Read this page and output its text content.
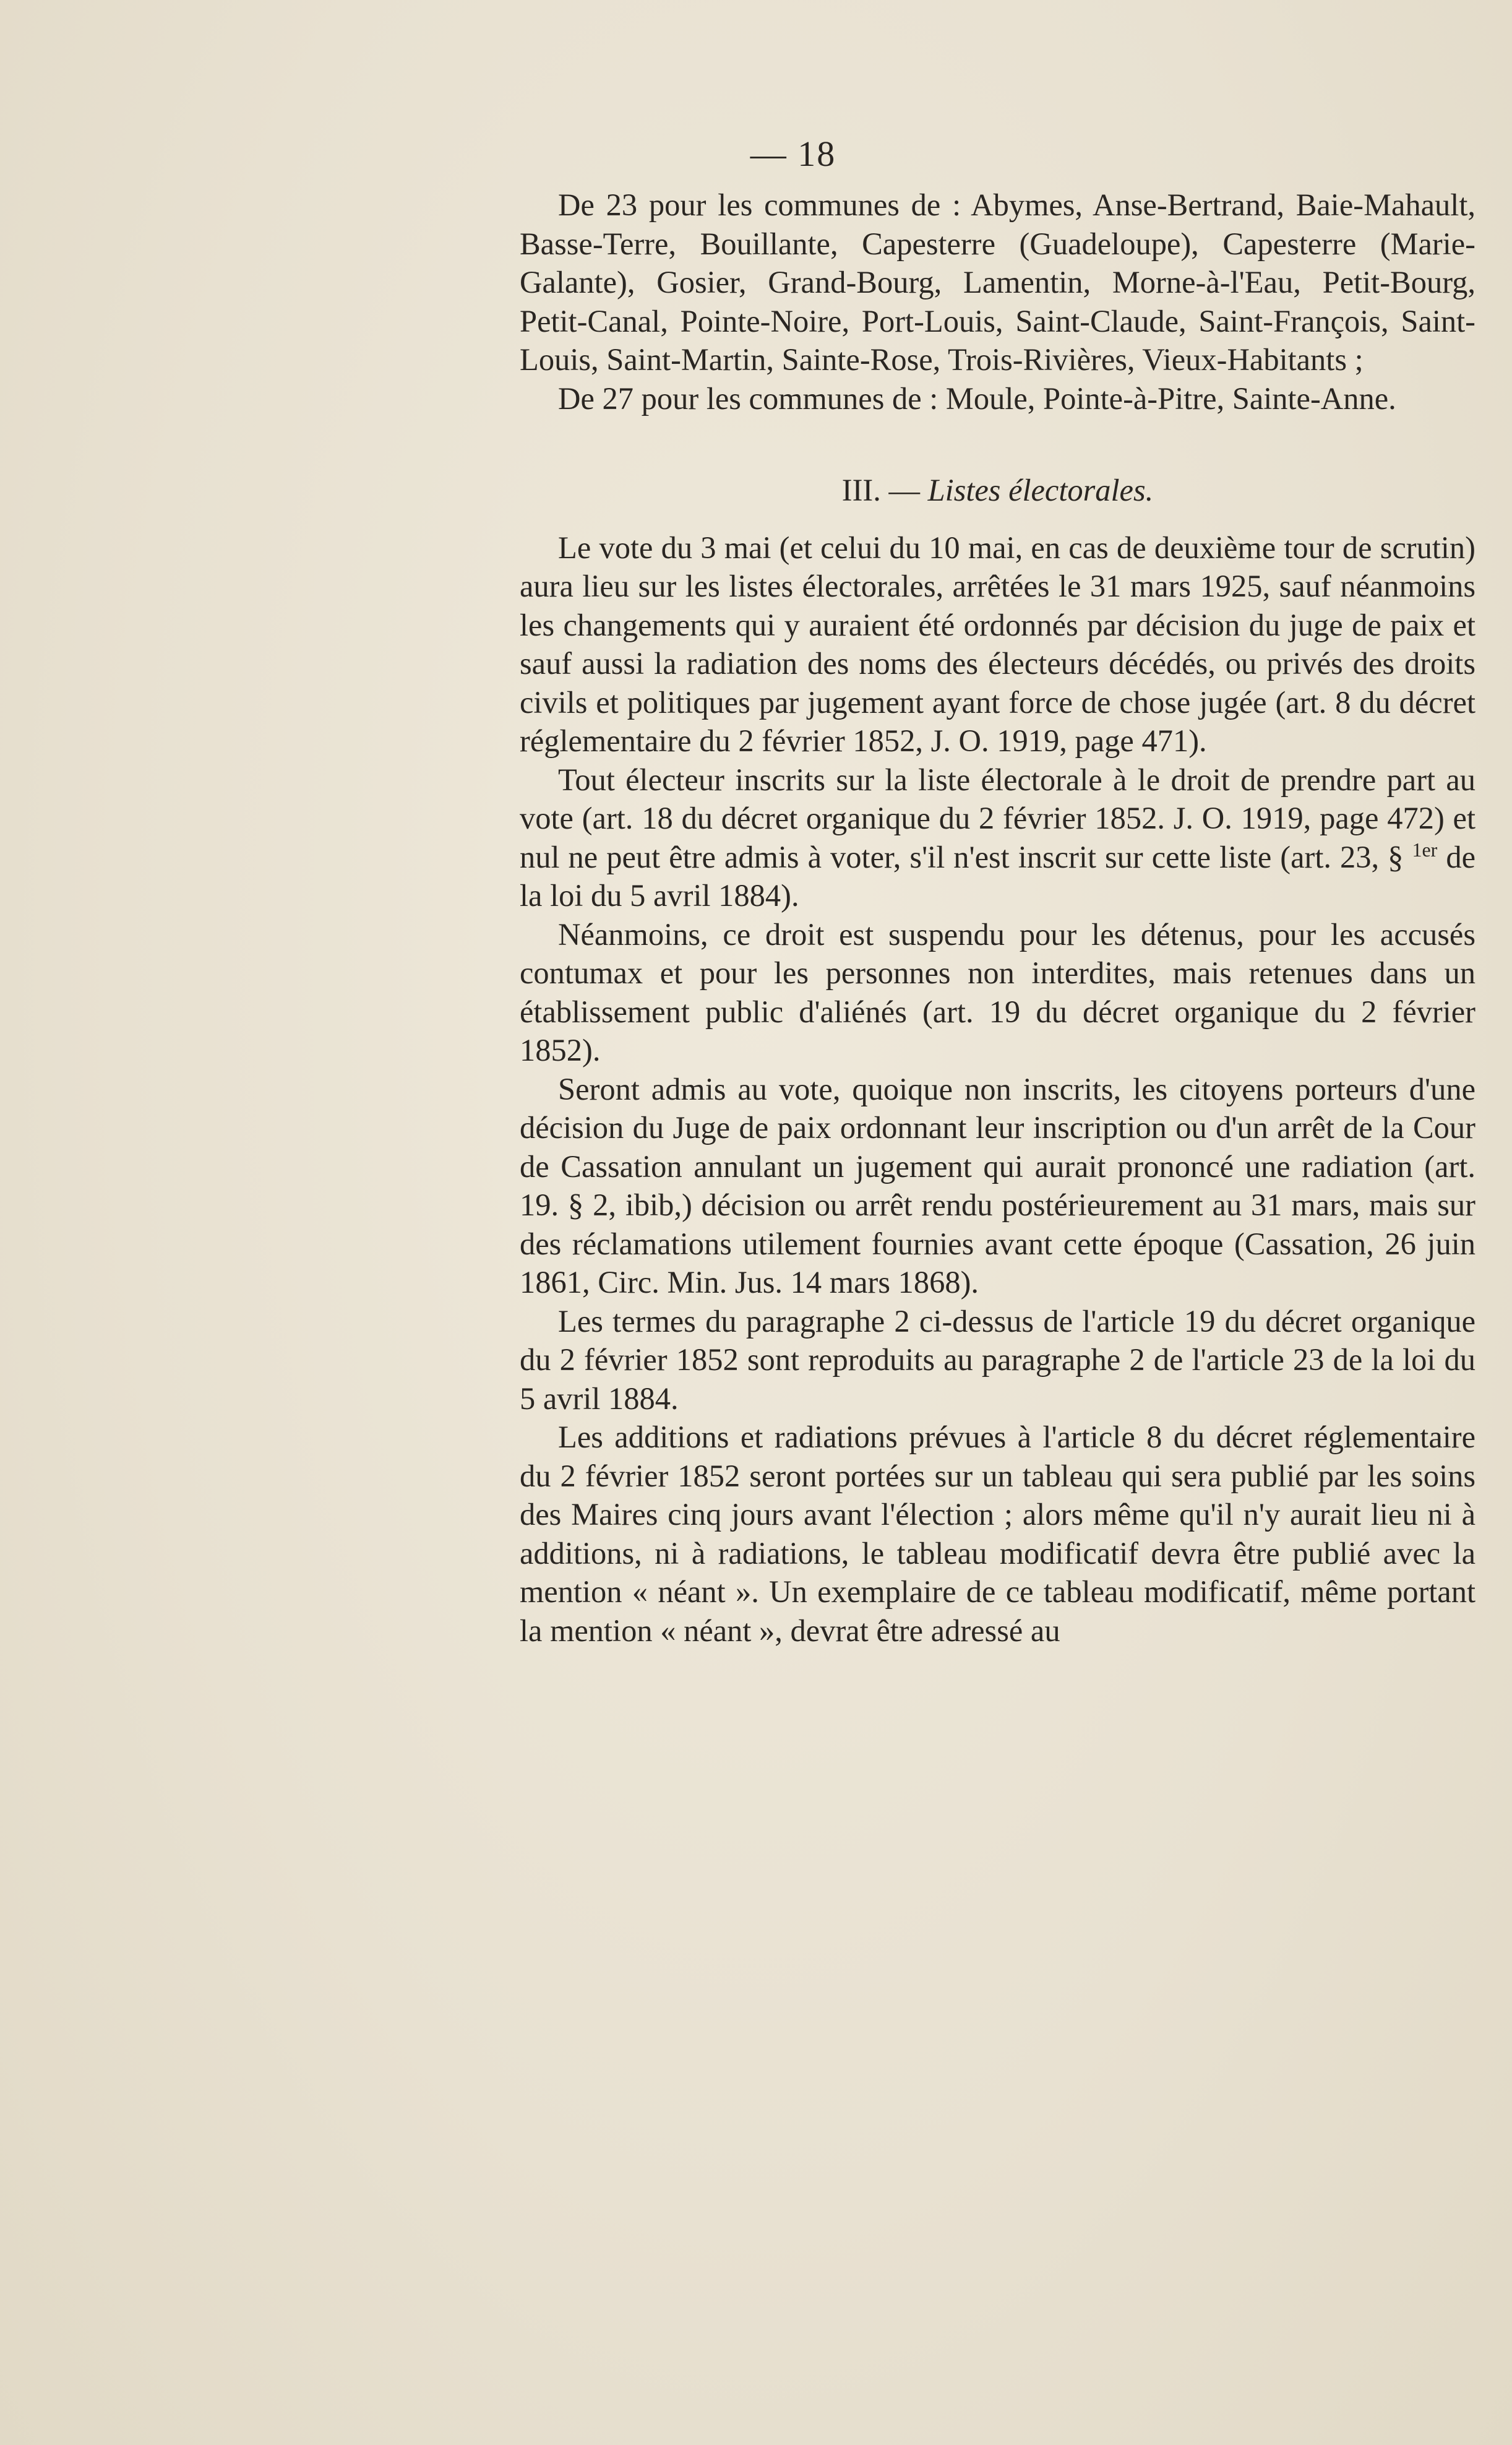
— 18

De 23 pour les communes de : Abymes, Anse-Bertrand, Baie-Mahault, Basse-Terre, Bouillante, Capesterre (Guadeloupe), Capesterre (Marie-Galante), Gosier, Grand-Bourg, Lamentin, Morne-à-l'Eau, Petit-Bourg, Petit-Canal, Pointe-Noire, Port-Louis, Saint-Claude, Saint-François, Saint-Louis, Saint-Martin, Sainte-Rose, Trois-Rivières, Vieux-Habitants ;

De 27 pour les communes de : Moule, Pointe-à-Pitre, Sainte-Anne.

III. — Listes électorales.

Le vote du 3 mai (et celui du 10 mai, en cas de deuxième tour de scrutin) aura lieu sur les listes électorales, arrêtées le 31 mars 1925, sauf néanmoins les changements qui y auraient été ordonnés par décision du juge de paix et sauf aussi la radiation des noms des électeurs décédés, ou privés des droits civils et politiques par jugement ayant force de chose jugée (art. 8 du décret réglementaire du 2 février 1852, J. O. 1919, page 471).

Tout électeur inscrits sur la liste électorale à le droit de prendre part au vote (art. 18 du décret organique du 2 février 1852. J. O. 1919, page 472) et nul ne peut être admis à voter, s'il n'est inscrit sur cette liste (art. 23, § $^{1er}$ de la loi du 5 avril 1884).

Néanmoins, ce droit est suspendu pour les détenus, pour les accusés contumax et pour les personnes non interdites, mais retenues dans un établissement public d'aliénés (art. 19 du décret organique du 2 février 1852).

Seront admis au vote, quoique non inscrits, les citoyens porteurs d'une décision du Juge de paix ordonnant leur inscription ou d'un arrêt de la Cour de Cassation annulant un jugement qui aurait prononcé une radiation (art. 19. § 2, ibib,) décision ou arrêt rendu postérieurement au 31 mars, mais sur des réclamations utilement fournies avant cette époque (Cassation, 26 juin 1861, Circ. Min. Jus. 14 mars 1868).

Les termes du paragraphe 2 ci-dessus de l'article 19 du décret organique du 2 février 1852 sont reproduits au paragraphe 2 de l'article 23 de la loi du 5 avril 1884.

Les additions et radiations prévues à l'article 8 du décret réglementaire du 2 février 1852 seront portées sur un tableau qui sera publié par les soins des Maires cinq jours avant l'élection ; alors même qu'il n'y aurait lieu ni à additions, ni à radiations, le tableau modificatif devra être publié avec la mention « néant ». Un exemplaire de ce tableau modificatif, même portant la mention « néant », devrat être adressé au
